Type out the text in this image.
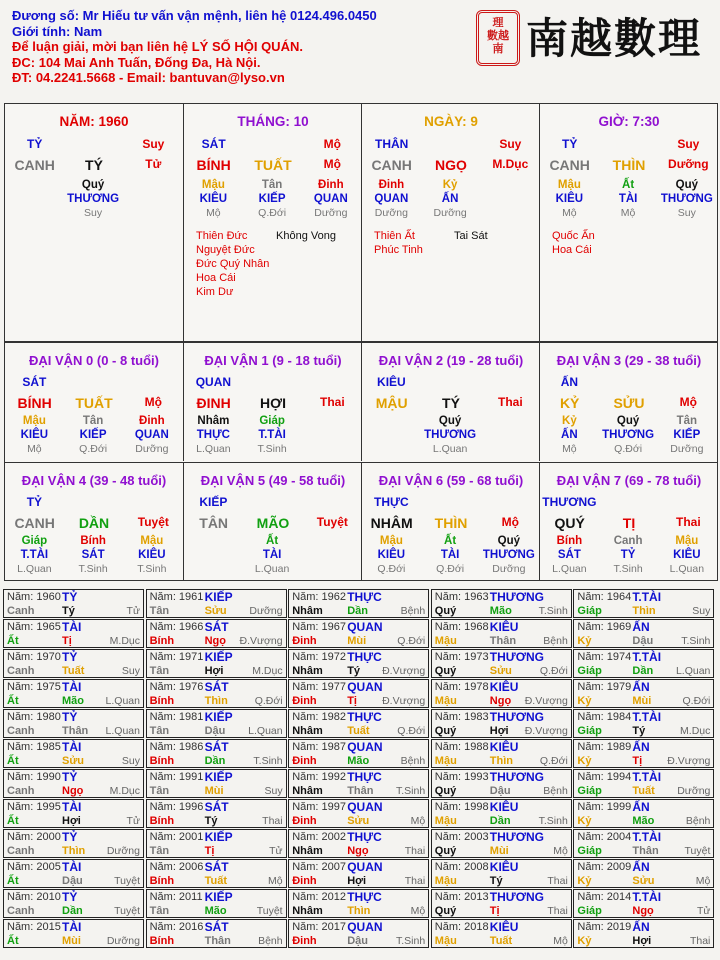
Đương số: Mr Hiếu tư vấn vận mệnh, liên hệ 0124.496.0450
Giới tính: Nam
Để luận giải, mời bạn liên hệ LÝ SỐ HỘI QUÁN.
ĐC: 104 Mai Anh Tuấn, Đống Đa, Hà Nội.
ĐT: 04.2241.5668 - Email: bantuvan@lyso.vn
理
數越
南 南越數理
NĂM: 1960
TỶ	Suy
CANH	TÝ	Tử
Quý
THƯƠNG
Suy
THÁNG: 10
SÁT	Mộ
BÍNH	TUẤT	Mộ
Mậu	Tân	Đinh
KIÊU	KIẾP	QUAN
Mộ	Q.Đới	Dưỡng
Thiên Đức
Nguyệt Đức
Đức Quý Nhân
Hoa Cái
Kim Dư
Không Vong
NGÀY: 9
THÂN	Suy
CANH	NGỌ	M.Dục
Đinh	Kỷ
QUAN	ẤN
Dưỡng	Dưỡng
Thiên Ất
Phúc Tinh
Tai Sát
GIỜ: 7:30
TỶ	Suy
CANH	THÌN	Dưỡng
Mậu	Ất	Quý
KIÊU	TÀI	THƯƠNG
Mộ	Mộ	Suy
Quốc Ấn
Hoa Cái
ĐẠI VẬN 0 (0 - 8 tuổi)
SÁT
BÍNH	TUẤT	Mộ
Mậu	Tân	Đinh
KIÊU	KIẾP	QUAN
Mộ	Q.Đới	Dưỡng
ĐẠI VẬN 1 (9 - 18 tuổi)
QUAN
ĐINH	HỢI	Thai
Nhâm	Giáp
THỰC	T.TÀI
L.Quan	T.Sinh
ĐẠI VẬN 2 (19 - 28 tuổi)
KIÊU
MẬU	TÝ	Thai
Quý
THƯƠNG
L.Quan
ĐẠI VẬN 3 (29 - 38 tuổi)
ẤN
KỶ	SỬU	Mộ
Kỷ	Quý	Tân
ẤN	THƯƠNG	KIẾP
Mộ	Q.Đới	Dưỡng
ĐẠI VẬN 4 (39 - 48 tuổi)
TỶ
CANH	DẦN	Tuyệt
Giáp	Bính	Mậu
T.TÀI	SÁT	KIÊU
L.Quan	T.Sinh	T.Sinh
ĐẠI VẬN 5 (49 - 58 tuổi)
KIẾP
TÂN	MÃO	Tuyệt
Ất
TÀI
L.Quan
ĐẠI VẬN 6 (59 - 68 tuổi)
THỰC
NHÂM	THÌN	Mộ
Mậu	Ất	Quý
KIÊU	TÀI	THƯƠNG
Q.Đới	Q.Đới	Dưỡng
ĐẠI VẬN 7 (69 - 78 tuổi)
THƯƠNG
QUÝ	TỊ	Thai
Bính	Canh	Mậu
SÁT	TỶ	KIÊU
L.Quan	T.Sinh	L.Quan
Năm: 1960 TỶ
Canh	Tý	Tử
Năm: 1961 KIẾP
Tân	Sửu Dưỡng
Năm: 1962 THỰC
Nhâm Dần	Bệnh
Năm: 1963 THƯƠNG
Quý	Mão	T.Sinh
Năm: 1964 T.TÀI
Giáp	Thìn	Suy
Năm: 1965 TÀI
Ất	Tị	M.Dục
Năm: 1966 SÁT
Bính	Ngọ Đ.Vượng
Năm: 1967 QUAN
Đinh	Mùi	Q.Đới
Năm: 1968 KIÊU
Mậu	Thân	Bệnh
Năm: 1969 ẤN
Kỷ	Dậu	T.Sinh
Năm: 1970 TỶ
Canh	Tuất	Suy
Năm: 1971 KIẾP
Tân	Hợi	M.Dục
Năm: 1972 THỰC
Nhâm Tý Đ.Vượng
Năm: 1973 THƯƠNG
Quý	Sửu	Q.Đới
Năm: 1974 T.TÀI
Giáp	Dần L.Quan
Năm: 1975 TÀI
Ất	Mão L.Quan
Năm: 1976 SÁT
Bính	Thìn	Q.Đới
Năm: 1977 QUAN
Đinh	Tị Đ.Vượng
Năm: 1978 KIÊU
Mậu	Ngọ Đ.Vượng
Năm: 1979 ẤN
Kỷ	Mùi	Q.Đới
Năm: 1980 TỶ
Canh	Thân L.Quan
Năm: 1981 KIẾP
Tân	Dậu L.Quan
Năm: 1982 THỰC
Nhâm Tuất	Q.Đới
Năm: 1983 THƯƠNG
Quý	Hợi Đ.Vượng
Năm: 1984 T.TÀI
Giáp	Tý	M.Dục
Năm: 1985 TÀI
Ất	Sửu	Suy
Năm: 1986 SÁT
Bính	Dần	T.Sinh
Năm: 1987 QUAN
Đinh	Mão	Bệnh
Năm: 1988 KIÊU
Mậu	Thìn	Q.Đới
Năm: 1989 ẤN
Kỷ	Tị Đ.Vượng
Năm: 1990 TỶ
Canh	Ngọ	M.Dục
Năm: 1991 KIẾP
Tân	Mùi	Suy
Năm: 1992 THỰC
Nhâm Thân T.Sinh
Năm: 1993 THƯƠNG
Quý	Dậu	Bệnh
Năm: 1994 T.TÀI
Giáp	Tuất Dưỡng
Năm: 1995 TÀI
Ất	Hợi	Tử
Năm: 1996 SÁT
Bính	Tý	Thai
Năm: 1997 QUAN
Đinh	Sửu	Mộ
Năm: 1998 KIÊU
Mậu	Dần	T.Sinh
Năm: 1999 ẤN
Kỷ	Mão	Bệnh
Năm: 2000 TỶ
Canh	Thìn Dưỡng
Năm: 2001 KIẾP
Tân	Tị	Tử
Năm: 2002 THỰC
Nhâm Ngọ	Thai
Năm: 2003 THƯƠNG
Quý	Mùi	Mộ
Năm: 2004 T.TÀI
Giáp	Thân Tuyệt
Năm: 2005 TÀI
Ất	Dậu	Tuyệt
Năm: 2006 SÁT
Bính	Tuất	Mộ
Năm: 2007 QUAN
Đinh	Hợi	Thai
Năm: 2008 KIÊU
Mậu	Tý	Thai
Năm: 2009 ẤN
Kỷ	Sửu	Mộ
Năm: 2010 TỶ
Canh	Dần	Tuyệt
Năm: 2011 KIẾP
Tân	Mão	Tuyệt
Năm: 2012 THỰC
Nhâm Thìn	Mộ
Năm: 2013 THƯƠNG
Quý	Tị	Thai
Năm: 2014 T.TÀI
Giáp	Ngọ	Tử
Năm: 2015 TÀI
Ất	Mùi Dưỡng
Năm: 2016 SÁT
Bính	Thân	Bệnh
Năm: 2017 QUAN
Đinh	Dậu	T.Sinh
Năm: 2018 KIÊU
Mậu	Tuất	Mộ
Năm: 2019 ẤN
Kỷ	Hợi	Thai
